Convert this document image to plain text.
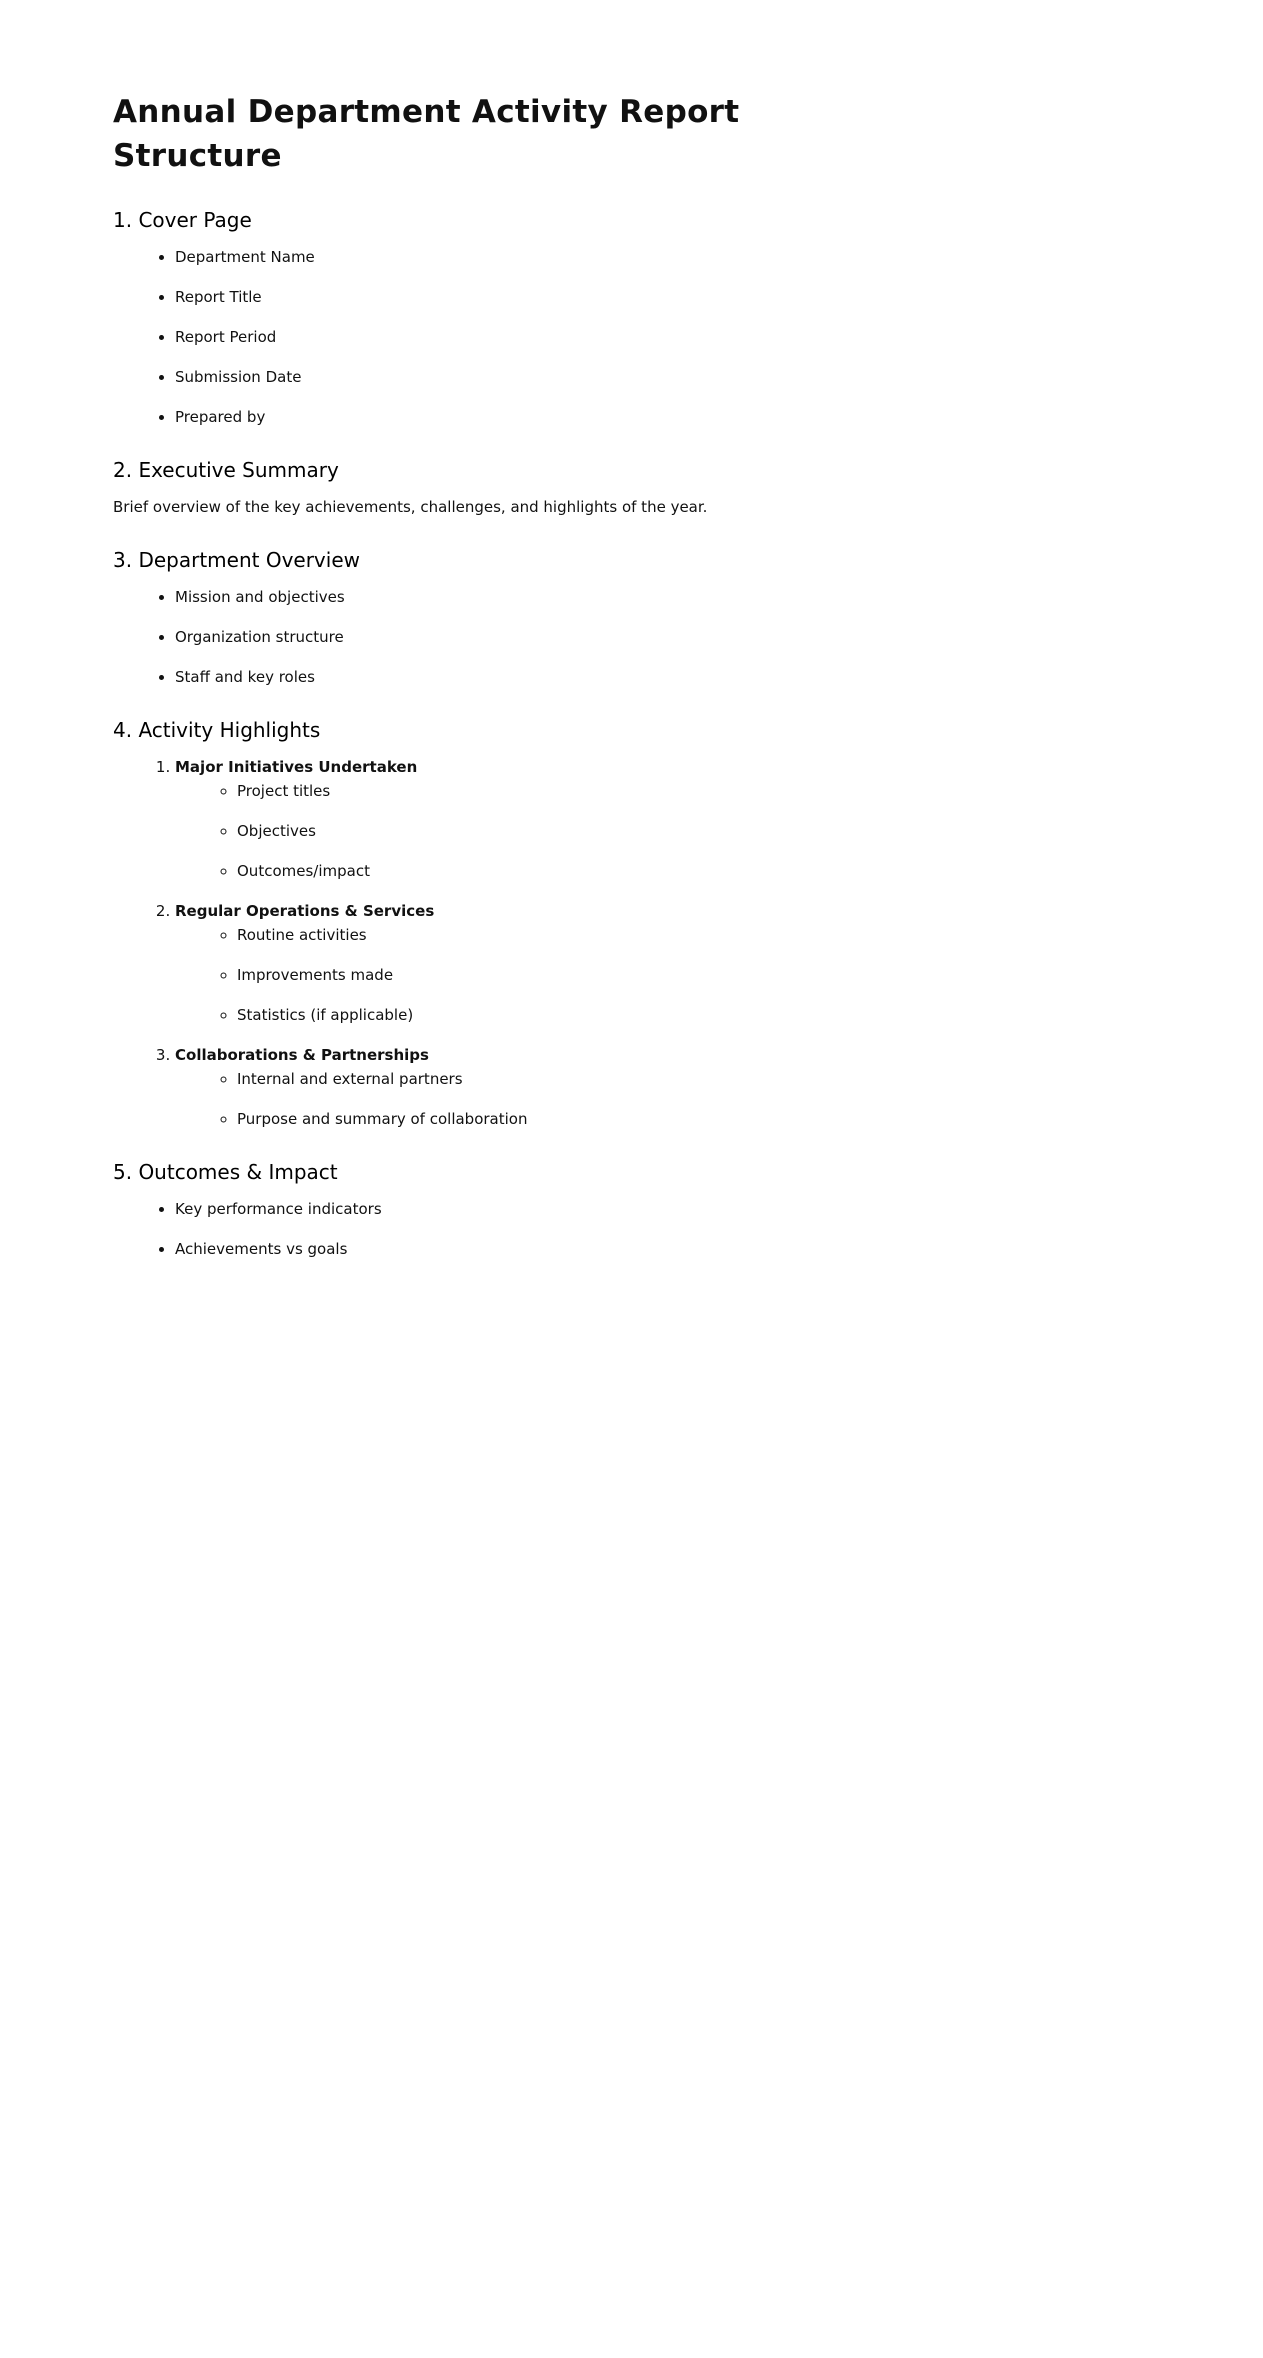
Annual Department Activity Report Structure
1. Cover Page
• Department Name
• Report Title
• Report Period
• Submission Date
• Prepared by
2. Executive Summary

Brief overview of the key achievements, challenges, and highlights of the year.

3. Department Overview
• Mission and objectives
• Organization structure
• Staff and key roles
4. Activity Highlights
1. Major Initiatives Undertaken
◦ Project titles
◦ Objectives
◦ Outcomes/impact
2. Regular Operations & Services
◦ Routine activities
◦ Improvements made
◦ Statistics (if applicable)
3. Collaborations & Partnerships
◦ Internal and external partners
◦ Purpose and summary of collaboration
5. Outcomes & Impact
• Key performance indicators
• Achievements vs goals
